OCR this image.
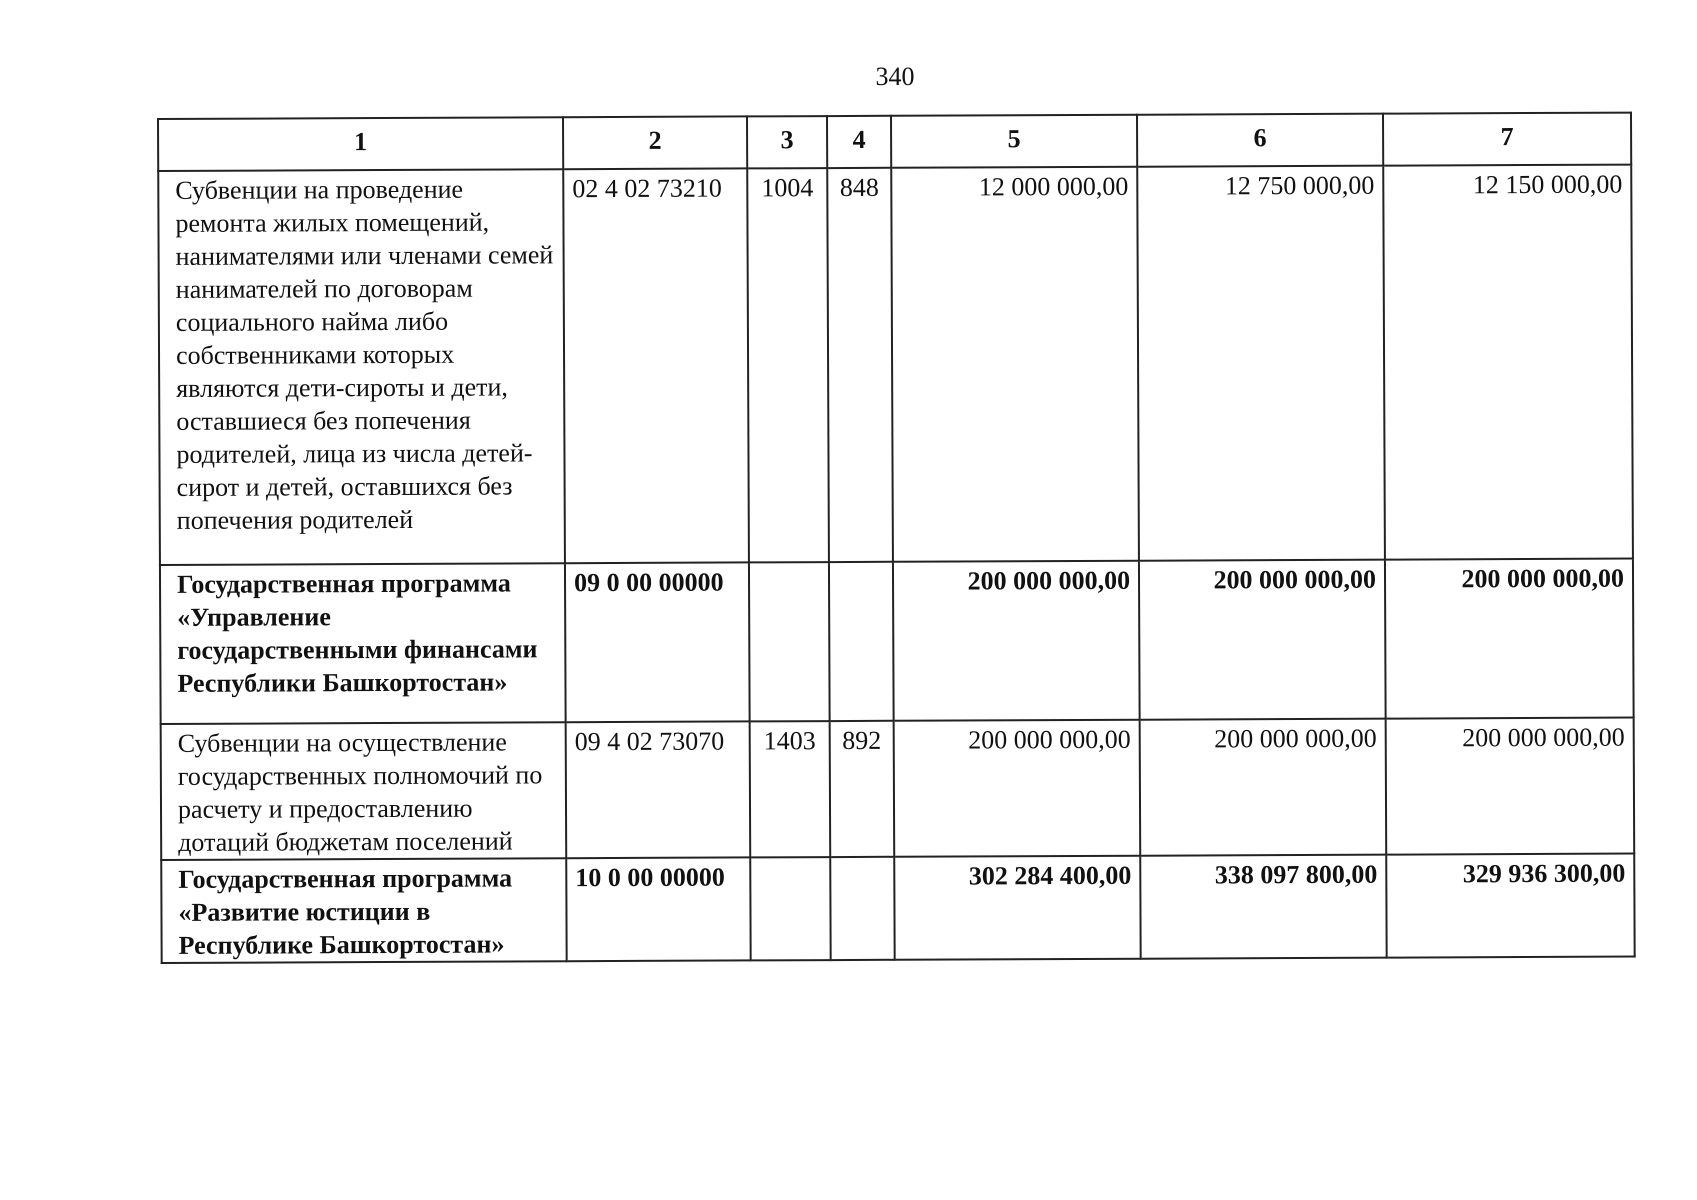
340
1	2	3	4	5	6	7
Субвенции на проведение ремонта жилых помещений, нанимателями или членами семей нанимателей по договорам социального найма либо собственниками которых являются дети-сироты и дети, оставшиеся без попечения родителей, лица из числа детей-сирот и детей, оставшихся без попечения родителей	02 4 02 73210	1004	848	12 000 000,00	12 750 000,00	12 150 000,00
Государственная программа «Управление государственными финансами Республики Башкортостан»	09 0 00 00000			200 000 000,00	200 000 000,00	200 000 000,00
Субвенции на осуществление государственных полномочий по расчету и предоставлению дотаций бюджетам поселений	09 4 02 73070	1403	892	200 000 000,00	200 000 000,00	200 000 000,00
Государственная программа «Развитие юстиции в Республике Башкортостан»	10 0 00 00000			302 284 400,00	338 097 800,00	329 936 300,00
